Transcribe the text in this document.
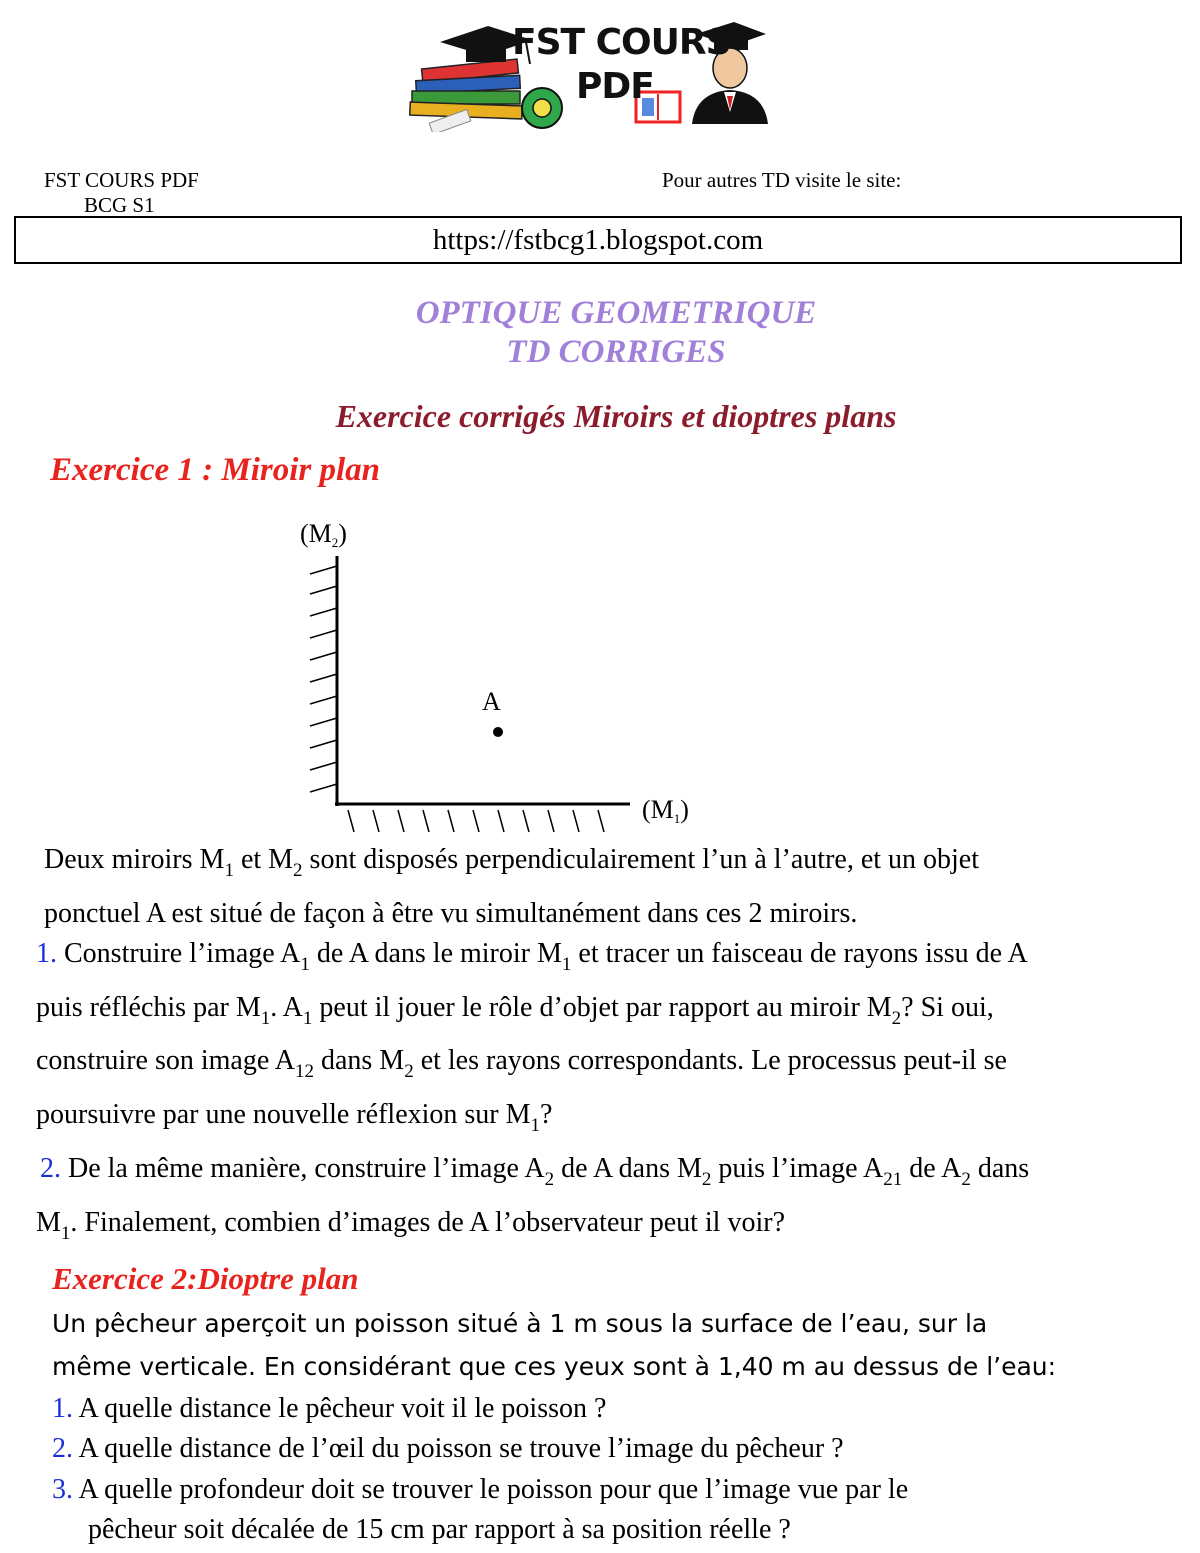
FST COURS
PDF
FST COURS PDF
BCG S1
Pour autres TD visite le site:
https://fstbcg1.blogspot.com
OPTIQUE GEOMETRIQUE
TD CORRIGES
Exercice corrigés Miroirs et dioptres plans
Exercice 1 : Miroir plan
A
(M2)
(M1)
Deux miroirs $M_1$ et $M_2$ sont disposés perpendiculairement l’un à l’autre, et un objet
ponctuel A est situé de façon à être vu simultanément dans ces 2 miroirs.
1. Construire l’image $A_1$ de A dans le miroir $M_1$ et tracer un faisceau de rayons issu de A
puis réfléchis par $M_1$. $A_1$ peut il jouer le rôle d’objet par rapport au miroir $M_2$? Si oui,
construire son image $A_{12}$ dans $M_2$ et les rayons correspondants. Le processus peut-il se
poursuivre par une nouvelle réflexion sur $M_1$?
2. De la même manière, construire l’image $A_2$ de A dans $M_2$ puis l’image $A_{21}$ de $A_2$ dans
$M_1$. Finalement, combien d’images de A l’observateur peut il voir?
Exercice 2:Dioptre plan
Un pêcheur aperçoit un poisson situé à 1 m sous la surface de l’eau, sur la
même verticale. En considérant que ces yeux sont à 1,40 m au dessus de l’eau:
1. A quelle distance le pêcheur voit il le poisson ?
2. A quelle distance de l’œil du poisson se trouve l’image du pêcheur ?
3. A quelle profondeur doit se trouver le poisson pour que l’image vue par le
pêcheur soit décalée de 15 cm par rapport à sa position réelle ?
